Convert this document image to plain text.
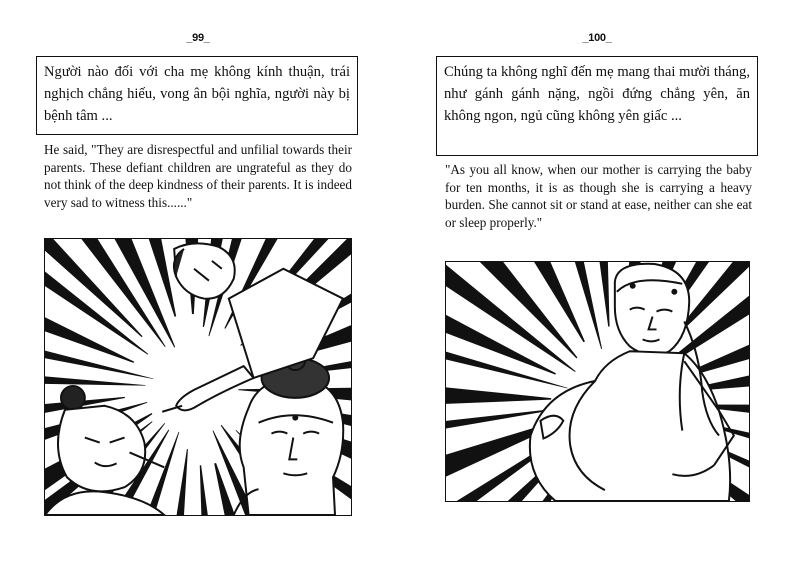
_99_
Người nào đối với cha mẹ không kính thuận, trái nghịch chẳng hiếu, vong ân bội nghĩa, người này bị bệnh tâm ...
He said, "They are disrespectful and unfilial towards their parents. These defiant children are ungrateful as they do not think of the deep kindness of their parents. It is indeed very sad to witness this......"
_100_
Chúng ta không nghĩ đến mẹ mang thai mười tháng, như gánh gánh nặng, ngồi đứng chẳng yên, ăn không ngon, ngủ cũng không yên giấc ...
"As you all know, when our mother is carrying the baby for ten months, it is as though she is carrying a heavy burden. She cannot sit or stand at ease, neither can she eat or sleep properly."
